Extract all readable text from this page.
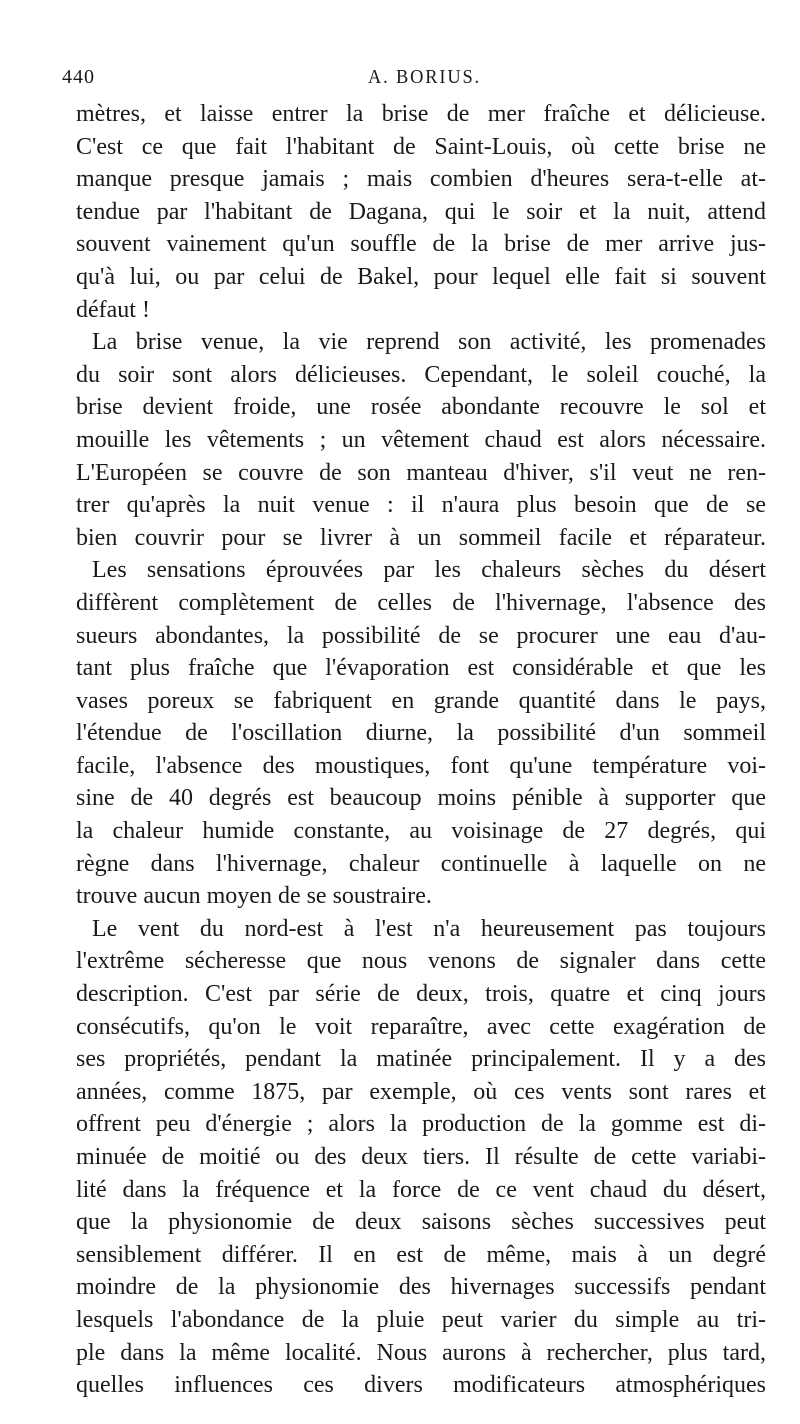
440	A. BORIUS.
mètres, et laisse entrer la brise de mer fraîche et délicieuse.
C'est ce que fait l'habitant de Saint-Louis, où cette brise ne
manque presque jamais ; mais combien d'heures sera-t-elle at-
tendue par l'habitant de Dagana, qui le soir et la nuit, attend
souvent vainement qu'un souffle de la brise de mer arrive jus-
qu'à lui, ou par celui de Bakel, pour lequel elle fait si souvent
défaut !
La brise venue, la vie reprend son activité, les promenades
du soir sont alors délicieuses. Cependant, le soleil couché, la
brise devient froide, une rosée abondante recouvre le sol et
mouille les vêtements ; un vêtement chaud est alors nécessaire.
L'Européen se couvre de son manteau d'hiver, s'il veut ne ren-
trer qu'après la nuit venue : il n'aura plus besoin que de se
bien couvrir pour se livrer à un sommeil facile et réparateur.
Les sensations éprouvées par les chaleurs sèches du désert
diffèrent complètement de celles de l'hivernage, l'absence des
sueurs abondantes, la possibilité de se procurer une eau d'au-
tant plus fraîche que l'évaporation est considérable et que les
vases poreux se fabriquent en grande quantité dans le pays,
l'étendue de l'oscillation diurne, la possibilité d'un sommeil
facile, l'absence des moustiques, font qu'une température voi-
sine de 40 degrés est beaucoup moins pénible à supporter que
la chaleur humide constante, au voisinage de 27 degrés, qui
règne dans l'hivernage, chaleur continuelle à laquelle on ne
trouve aucun moyen de se soustraire.
Le vent du nord-est à l'est n'a heureusement pas toujours
l'extrême sécheresse que nous venons de signaler dans cette
description. C'est par série de deux, trois, quatre et cinq jours
consécutifs, qu'on le voit reparaître, avec cette exagération de
ses propriétés, pendant la matinée principalement. Il y a des
années, comme 1875, par exemple, où ces vents sont rares et
offrent peu d'énergie ; alors la production de la gomme est di-
minuée de moitié ou des deux tiers. Il résulte de cette variabi-
lité dans la fréquence et la force de ce vent chaud du désert,
que la physionomie de deux saisons sèches successives peut
sensiblement différer. Il en est de même, mais à un degré
moindre de la physionomie des hivernages successifs pendant
lesquels l'abondance de la pluie peut varier du simple au tri-
ple dans la même localité. Nous aurons à rechercher, plus tard,
quelles influences ces divers modificateurs atmosphériques
